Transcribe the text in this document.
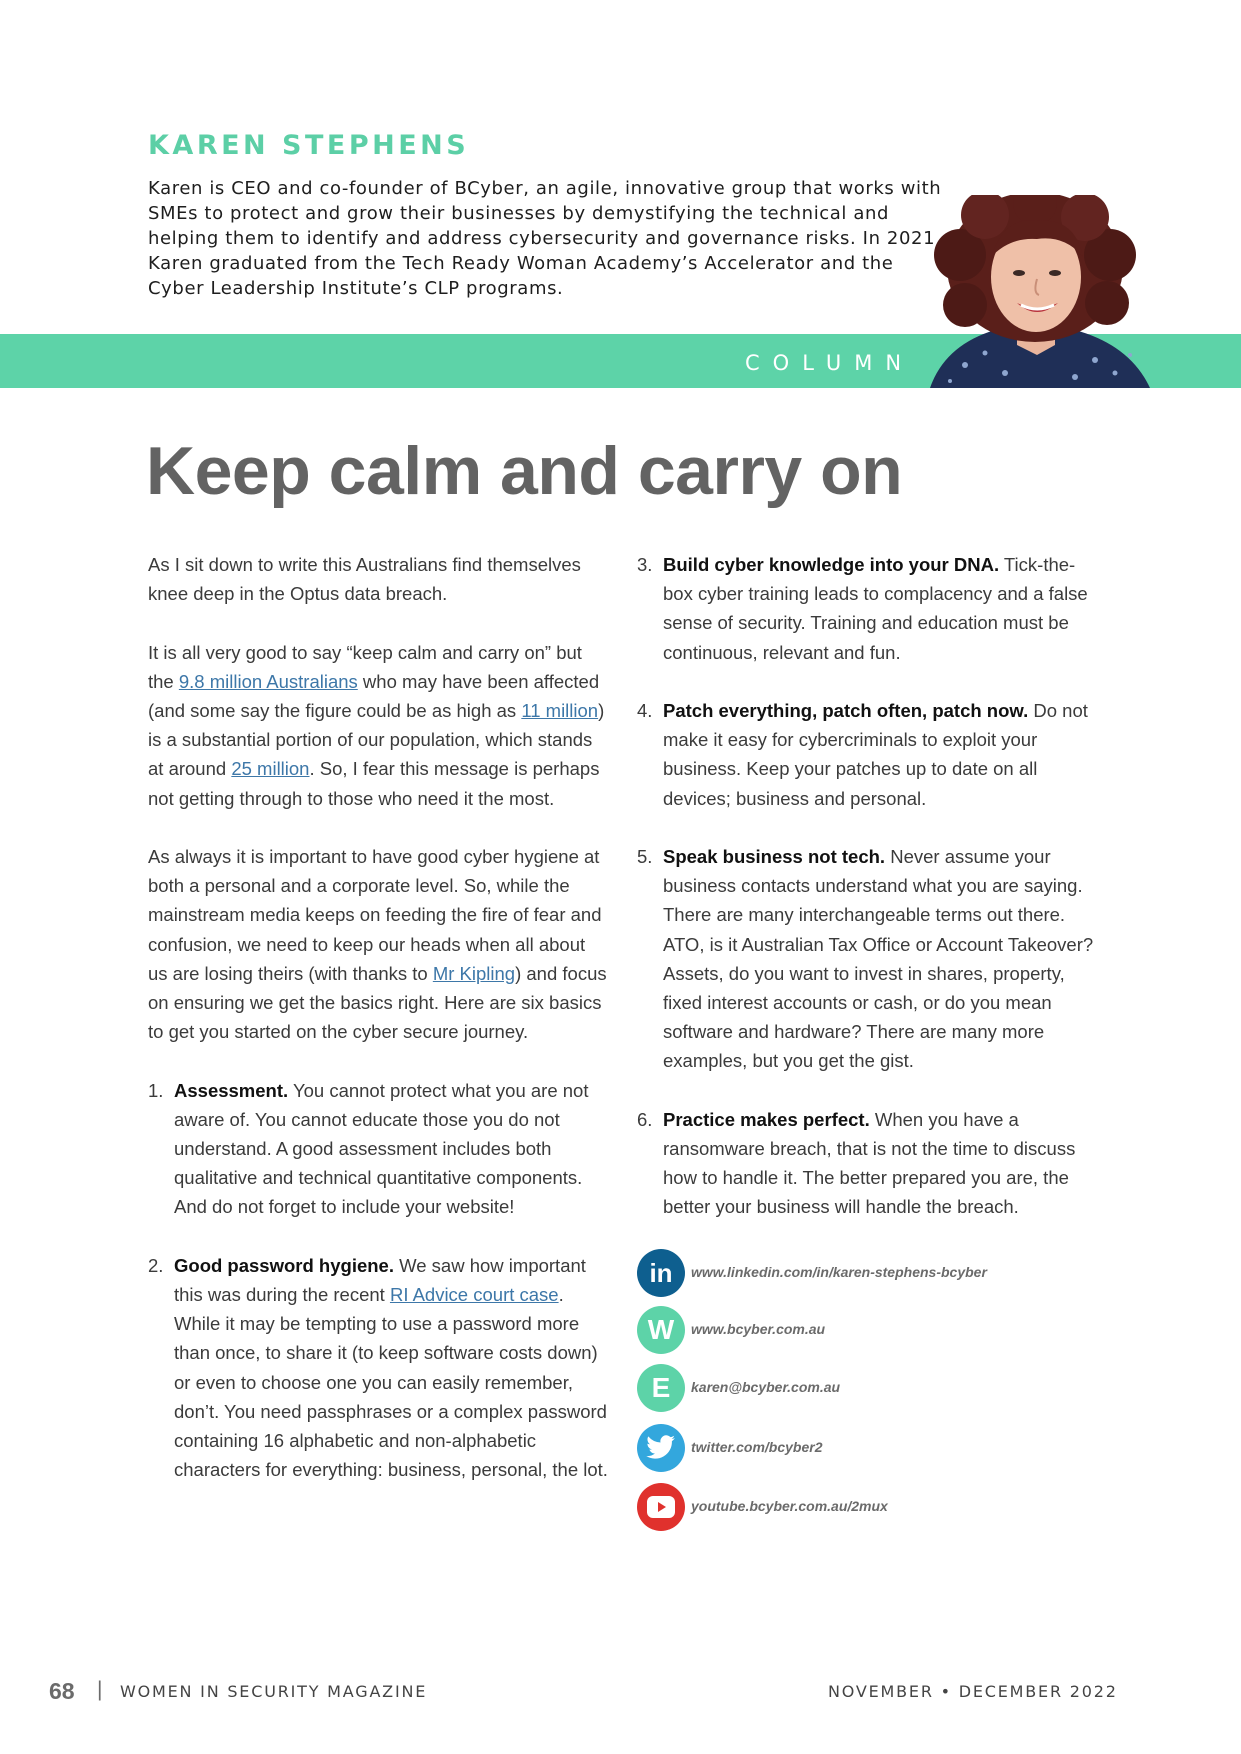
KAREN STEPHENS
Karen is CEO and co-founder of BCyber, an agile, innovative group that works with SMEs to protect and grow their businesses by demystifying the technical and helping them to identify and address cybersecurity and governance risks. In 2021 Karen graduated from the Tech Ready Woman Academy’s Accelerator and the Cyber Leadership Institute’s CLP programs.
COLUMN
Keep calm and carry on

As I sit down to write this Australians find themselves knee deep in the Optus data breach.

It is all very good to say “keep calm and carry on” but the 9.8 million Australians who may have been affected (and some say the figure could be as high as 11 million) is a substantial portion of our population, which stands at around 25 million. So, I fear this message is perhaps not getting through to those who need it the most.

As always it is important to have good cyber hygiene at both a personal and a corporate level. So, while the mainstream media keeps on feeding the fire of fear and confusion, we need to keep our heads when all about us are losing theirs (with thanks to Mr Kipling) and focus on ensuring we get the basics right. Here are six basics to get you started on the cyber secure journey.

1. Assessment. You cannot protect what you are not aware of. You cannot educate those you do not understand. A good assessment includes both qualitative and technical quantitative components. And do not forget to include your website!
2. Good password hygiene. We saw how important this was during the recent RI Advice court case. While it may be tempting to use a password more than once, to share it (to keep software costs down) or even to choose one you can easily remember, don’t. You need passphrases or a complex password containing 16 alphabetic and non-alphabetic characters for everything: business, personal, the lot.
3. Build cyber knowledge into your DNA. Tick-the-box cyber training leads to complacency and a false sense of security. Training and education must be continuous, relevant and fun.
4. Patch everything, patch often, patch now. Do not make it easy for cybercriminals to exploit your business. Keep your patches up to date on all devices; business and personal.
5. Speak business not tech. Never assume your business contacts understand what you are saying. There are many interchangeable terms out there. ATO, is it Australian Tax Office or Account Takeover? Assets, do you want to invest in shares, property, fixed interest accounts or cash, or do you mean software and hardware? There are many more examples, but you get the gist.
6. Practice makes perfect. When you have a ransomware breach, that is not the time to discuss how to handle it. The better prepared you are, the better your business will handle the breach.
in	www.linkedin.com/in/karen-stephens-bcyber
W	www.bcyber.com.au
E	karen@bcyber.com.au
twitter.com/bcyber2
youtube.bcyber.com.au/2mux
68 | WOMEN IN SECURITY MAGAZINE	NOVEMBER • DECEMBER 2022
